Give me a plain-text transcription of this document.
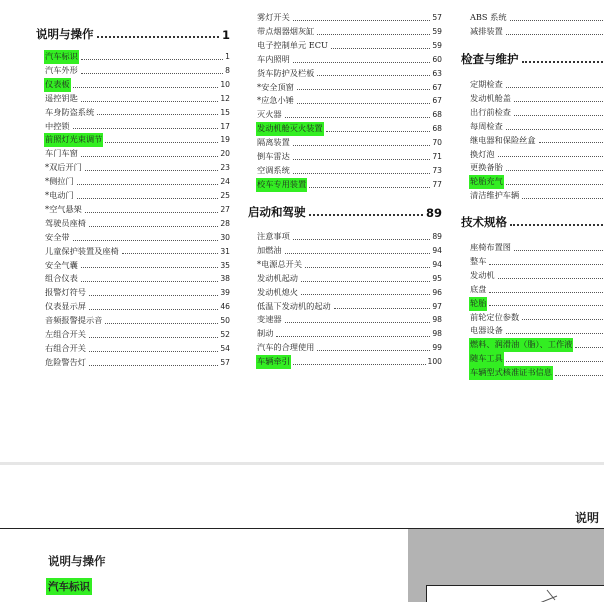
说明与操作	1
汽车标识	1
汽车外形	8
仪表板	10
遥控钥匙	12
车身防盗系统	15
中控锁	17
前照灯光束调节	19
车门车窗	20
*双后开门	23
*侧拉门	24
*电动门	25
*空气悬架	27
驾驶员座椅	28
安全带	30
儿童保护装置及座椅	31
安全气囊	35
组合仪表	38
报警灯符号	39
仪表显示屏	46
音频报警提示音	50
左组合开关	52
右组合开关	54
危险警告灯	57
雾灯开关	57
带点烟器烟灰缸	59
电子控制单元 ECU	59
车内照明	60
货车防护及栏板	63
*安全顶窗	67
*应急小锤	67
灭火器	68
发动机舱灭火装置	68
隔离装置	70
倒车雷达	71
空调系统	73
校车专用装置	77
启动和驾驶	89
注意事项	89
加燃油	94
*电源总开关	94
发动机起动	95
发动机熄火	96
低温下发动机的起动	97
变速器	98
制动	98
汽车的合理使用	99
车辆牵引	100
ABS 系统
减排装置
检查与维护
定期检查
发动机舱盖
出行前检查
每周检查
继电器和保险丝盒
换灯泡
更换备胎
轮胎充气
清洁维护车辆
技术规格
座椅布置图
整车
发动机
底盘
轮胎
前轮定位参数
电器设备
燃料、润滑油（脂）、工作液
随车工具
车辆型式核准证书信息
说明
说明与操作
汽车标识
